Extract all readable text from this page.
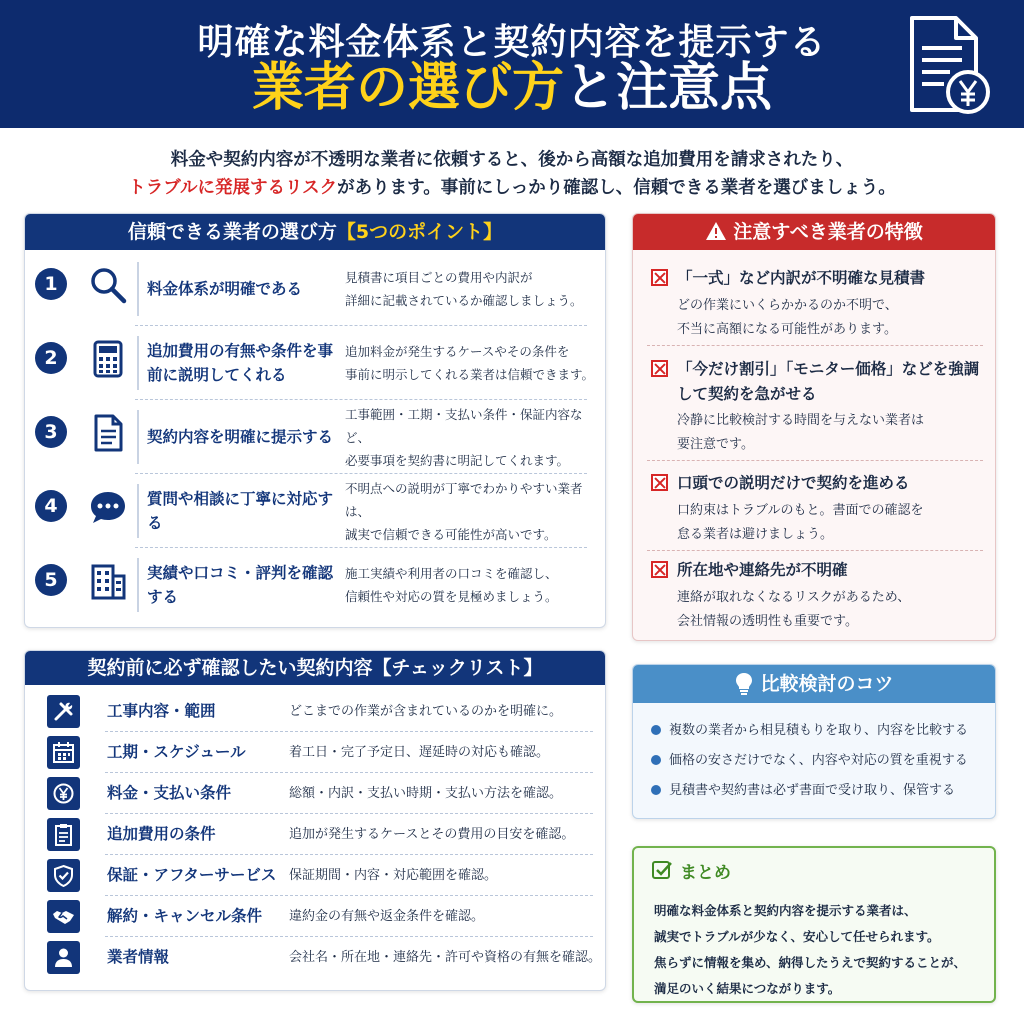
明確な料金体系と契約内容を提示する
業者の選び方と注意点
料金や契約内容が不透明な業者に依頼すると、後から高額な追加費用を請求されたり、
トラブルに発展するリスクがあります。事前にしっかり確認し、信頼できる業者を選びましょう。
信頼できる業者の選び方【5つのポイント】
1	料金体系が明確である
見積書に項目ごとの費用や内訳が
詳細に記載されているか確認しましょう。
2	追加費用の有無や条件を事前に説明してくれる
追加料金が発生するケースやその条件を
事前に明示してくれる業者は信頼できます。
3	契約内容を明確に提示する
工事範囲・工期・支払い条件・保証内容など、
必要事項を契約書に明記してくれます。
4	質問や相談に丁寧に対応する
不明点への説明が丁寧でわかりやすい業者は、
誠実で信頼できる可能性が高いです。
5	実績や口コミ・評判を確認する
施工実績や利用者の口コミを確認し、
信頼性や対応の質を見極めましょう。
契約前に必ず確認したい契約内容【チェックリスト】
工事内容・範囲	どこまでの作業が含まれているのかを明確に。
工期・スケジュール	着工日・完了予定日、遅延時の対応も確認。
料金・支払い条件	総額・内訳・支払い時期・支払い方法を確認。
追加費用の条件	追加が発生するケースとその費用の目安を確認。
保証・アフターサービス 保証期間・内容・対応範囲を確認。
解約・キャンセル条件 違約金の有無や返金条件を確認。
業者情報	会社名・所在地・連絡先・許可や資格の有無を確認。
注意すべき業者の特徴
「一式」など内訳が不明確な見積書
どの作業にいくらかかるのか不明で、
不当に高額になる可能性があります。
「今だけ割引」「モニター価格」などを強調して契約を急がせる
冷静に比較検討する時間を与えない業者は
要注意です。
口頭での説明だけで契約を進める
口約束はトラブルのもと。書面での確認を
怠る業者は避けましょう。
所在地や連絡先が不明確
連絡が取れなくなるリスクがあるため、
会社情報の透明性も重要です。
比較検討のコツ
複数の業者から相見積もりを取り、内容を比較する
価格の安さだけでなく、内容や対応の質を重視する
見積書や契約書は必ず書面で受け取り、保管する
まとめ
明確な料金体系と契約内容を提示する業者は、
誠実でトラブルが少なく、安心して任せられます。
焦らずに情報を集め、納得したうえで契約することが、
満足のいく結果につながります。
